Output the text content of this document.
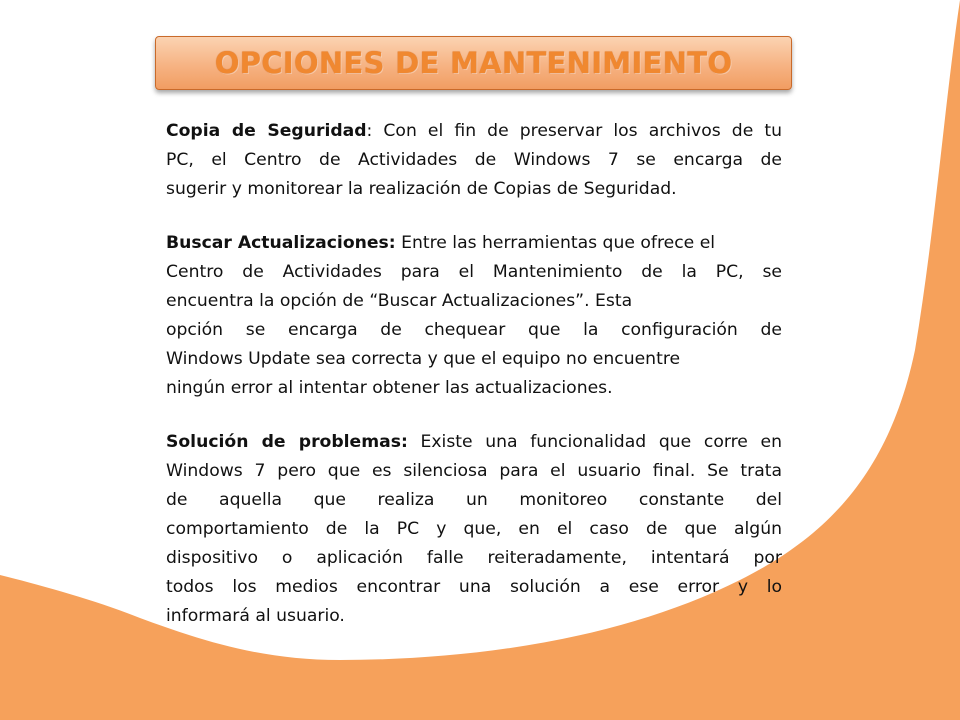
OPCIONES DE MANTENIMIENTO
Copia de Seguridad: Con el fin de preservar los archivos de tu
PC, el Centro de Actividades de Windows 7 se encarga de
sugerir y monitorear la realización de Copias de Seguridad.
Buscar Actualizaciones: Entre las herramientas que ofrece el
Centro de Actividades para el Mantenimiento de la PC, se
encuentra la opción de “Buscar Actualizaciones”. Esta
opción se encarga de chequear que la configuración de
Windows Update sea correcta y que el equipo no encuentre
ningún error al intentar obtener las actualizaciones.
Solución de problemas: Existe una funcionalidad que corre en
Windows 7 pero que es silenciosa para el usuario final. Se trata
de aquella que realiza un monitoreo constante del
comportamiento de la PC y que, en el caso de que algún
dispositivo o aplicación falle reiteradamente, intentará por
todos los medios encontrar una solución a ese error y lo
informará al usuario.
